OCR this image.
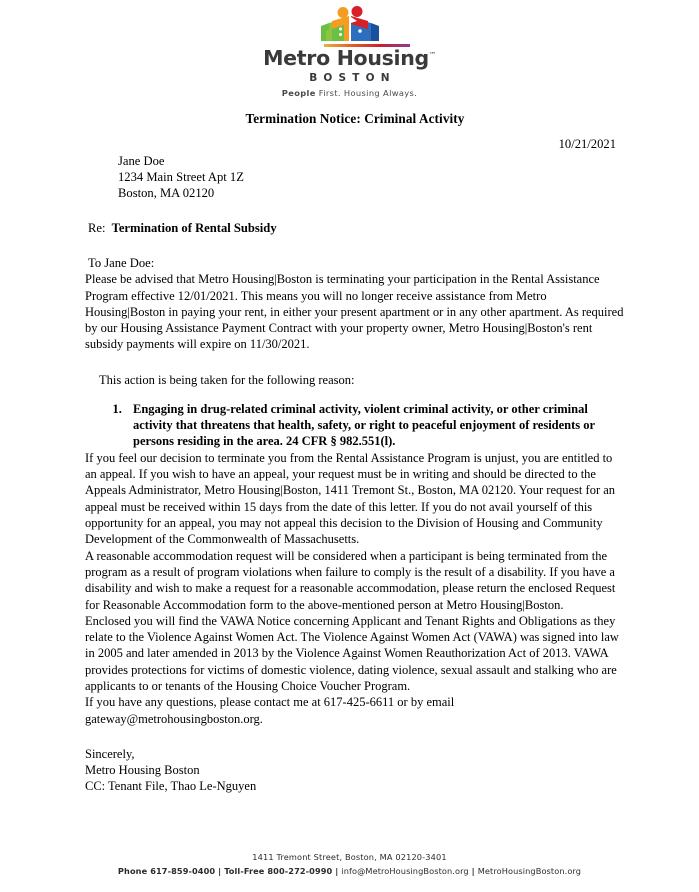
Metro Housing™
BOSTON
People First. Housing Always.
Termination Notice: Criminal Activity
10/21/2021
Jane Doe
1234 Main Street Apt 1Z
Boston, MA 02120
Re: Termination of Rental Subsidy
To Jane Doe:

Please be advised that Metro Housing|Boston is terminating your participation in the Rental Assistance Program effective 12/01/2021. This means you will no longer receive assistance from Metro Housing|Boston in paying your rent, in either your present apartment or in any other apartment. As required by our Housing Assistance Payment Contract with your property owner, Metro Housing|Boston's rent subsidy payments will expire on 11/30/2021.

This action is being taken for the following reason:
1. Engaging in drug-related criminal activity, violent criminal activity, or other criminal activity that threatens that health, safety, or right to peaceful enjoyment of residents or persons residing in the area. 24 CFR § 982.551(l).

If you feel our decision to terminate you from the Rental Assistance Program is unjust, you are entitled to an appeal. If you wish to have an appeal, your request must be in writing and should be directed to the Appeals Administrator, Metro Housing|Boston, 1411 Tremont St., Boston, MA 02120. Your request for an appeal must be received within 15 days from the date of this letter. If you do not avail yourself of this opportunity for an appeal, you may not appeal this decision to the Division of Housing and Community Development of the Commonwealth of Massachusetts.

A reasonable accommodation request will be considered when a participant is being terminated from the program as a result of program violations when failure to comply is the result of a disability. If you have a disability and wish to make a request for a reasonable accommodation, please return the enclosed Request for Reasonable Accommodation form to the above-mentioned person at Metro Housing|Boston.

Enclosed you will find the VAWA Notice concerning Applicant and Tenant Rights and Obligations as they relate to the Violence Against Women Act. The Violence Against Women Act (VAWA) was signed into law in 2005 and later amended in 2013 by the Violence Against Women Reauthorization Act of 2013. VAWA provides protections for victims of domestic violence, dating violence, sexual assault and stalking who are applicants to or tenants of the Housing Choice Voucher Program.

If you have any questions, please contact me at 617-425-6611 or by email gateway@metrohousingboston.org.

Sincerely,
Metro Housing Boston
CC: Tenant File, Thao Le-Nguyen
1411 Tremont Street, Boston, MA 02120-3401
Phone 617-859-0400 | Toll-Free 800-272-0990 | info@MetroHousingBoston.org | MetroHousingBoston.org
